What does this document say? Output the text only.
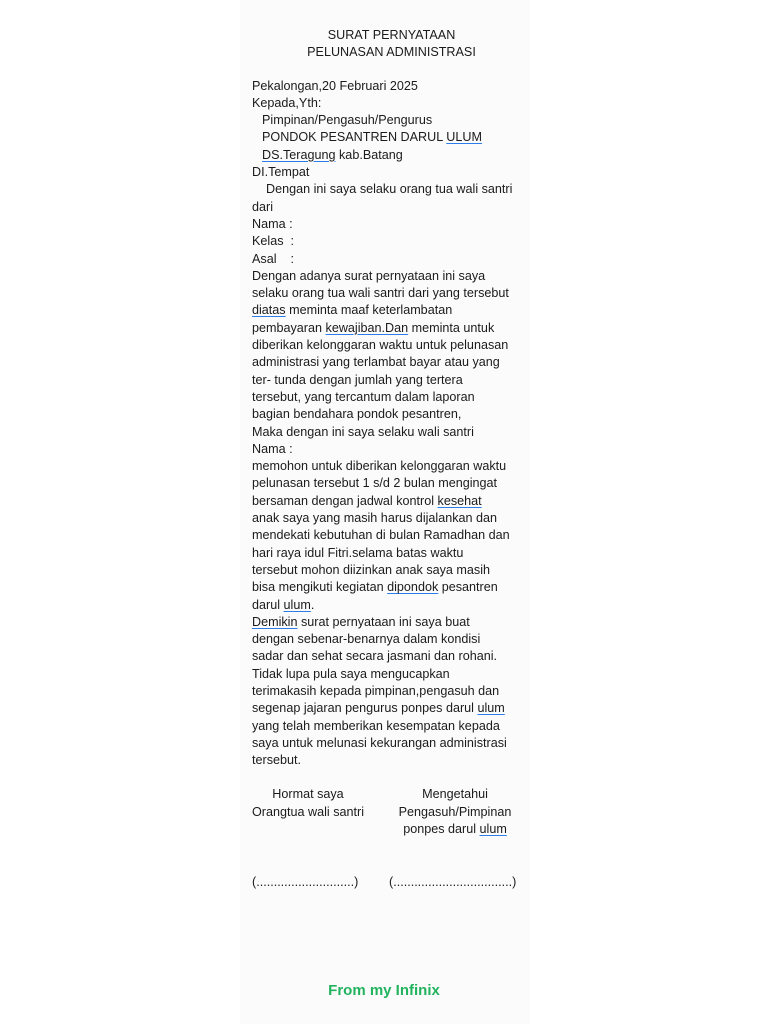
SURAT PERNYATAAN
PELUNASAN ADMINISTRASI
Pekalongan,20 Februari 2025
Kepada,Yth:
Pimpinan/Pengasuh/Pengurus
PONDOK PESANTREN DARUL ULUM
DS.Teragung kab.Batang
DI.Tempat
Dengan ini saya selaku orang tua wali santri
dari
Nama :
Kelas  :
Asal    :
Dengan adanya surat pernyataan ini saya
selaku orang tua wali santri dari yang tersebut
diatas meminta maaf keterlambatan
pembayaran kewajiban.Dan meminta untuk
diberikan kelonggaran waktu untuk pelunasan
administrasi yang terlambat bayar atau yang
ter- tunda dengan jumlah yang tertera
tersebut, yang tercantum dalam laporan
bagian bendahara pondok pesantren,
Maka dengan ini saya selaku wali santri
Nama :
memohon untuk diberikan kelonggaran waktu
pelunasan tersebut 1 s/d 2 bulan mengingat
bersaman dengan jadwal kontrol kesehat
anak saya yang masih harus dijalankan dan
mendekati kebutuhan di bulan Ramadhan dan
hari raya idul Fitri.selama batas waktu
tersebut mohon diizinkan anak saya masih
bisa mengikuti kegiatan dipondok pesantren
darul ulum.
Demikin surat pernyataan ini saya buat
dengan sebenar-benarnya dalam kondisi
sadar dan sehat secara jasmani dan rohani.
Tidak lupa pula saya mengucapkan
terimakasih kepada pimpinan,pengasuh dan
segenap jajaran pengurus ponpes darul ulum
yang telah memberikan kesempatan kepada
saya untuk melunasi kekurangan administrasi
tersebut.
Hormat saya
Orangtua wali santri
Mengetahui
Pengasuh/Pimpinan
ponpes darul ulum
(............................) (..................................)
From my Infinix
